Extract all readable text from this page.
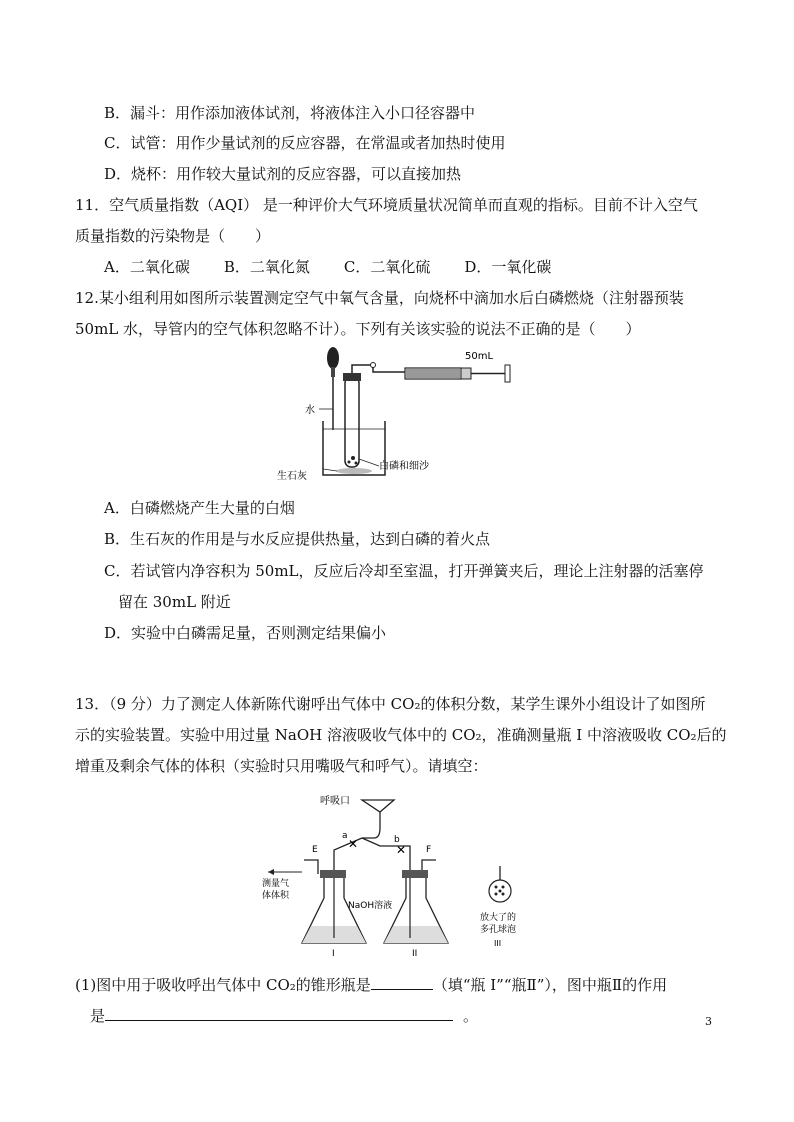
B．漏斗：用作添加液体试剂，将液体注入小口径容器中
C．试管：用作少量试剂的反应容器，在常温或者加热时使用
D．烧杯：用作较大量试剂的反应容器，可以直接加热
11．空气质量指数（AQI） 是一种评价大气环境质量状况简单而直观的指标。目前不计入空气
质量指数的污染物是（　　）
A．二氧化碳 B．二氧化氮 C．二氧化硫 D．一氧化碳
12.某小组利用如图所示装置测定空气中氧气含量，向烧杯中滴加水后白磷燃烧（注射器预装
50mL 水，导管内的空气体积忽略不计）。下列有关该实验的说法不正确的是（　　）
50mL
水
生石灰
白磷和细沙
A．白磷燃烧产生大量的白烟
B．生石灰的作用是与水反应提供热量，达到白磷的着火点
C．若试管内净容积为 50mL，反应后冷却至室温，打开弹簧夹后，理论上注射器的活塞停
留在 30mL 附近
D．实验中白磷需足量，否则测定结果偏小
13．（9 分）力了测定人体新陈代谢呼出气体中 CO₂的体积分数，某学生课外小组设计了如图所
示的实验装置。实验中用过量 NaOH 溶液吸收气体中的 CO₂，准确测量瓶 I 中溶液吸收 CO₂后的
增重及剩余气体的体积（实验时只用嘴吸气和呼气）。请填空：
呼吸口
✕	✕
a	b
E	F
测量气
体体积
NaOH溶液
I	II
放大了的
多孔球泡
III
(1)图中用于吸收呼出气体中 CO₂的锥形瓶是	（填“瓶 I”“瓶Ⅱ”），图中瓶Ⅱ的作用
是	。	3
